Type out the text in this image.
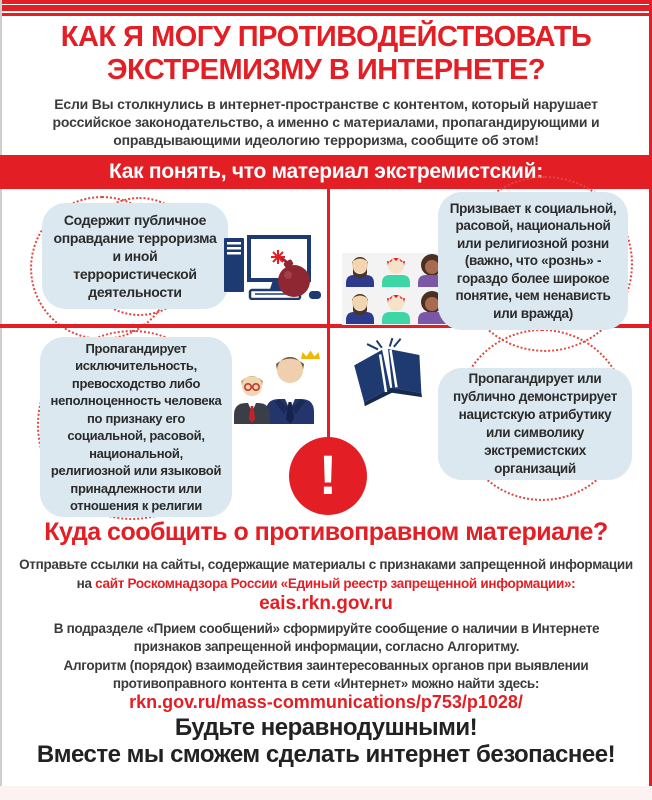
КАК Я МОГУ ПРОТИВОДЕЙСТВОВАТЬ
ЭКСТРЕМИЗМУ В ИНТЕРНЕТЕ?
Если Вы столкнулись в интернет-пространстве с контентом, который нарушает российское законодательство, а именно с материалами, пропагандирующими и оправдывающими идеологию терроризма, сообщите об этом!
Как понять, что материал экстремистский:
Содержит публичное оправдание терроризма и иной террористической деятельности
Призывает к социальной, расовой, национальной или религиозной розни (важно, что «рознь» - гораздо более широкое понятие, чем ненависть или вражда)
Пропагандирует исключительность, превосходство либо неполноценность человека по признаку его социальной, расовой, национальной, религиозной или языковой принадлежности или отношения к религии
Пропагандирует или публично демонстрирует нацистскую атрибутику или символику экстремистских организаций
!
Куда сообщить о противоправном материале?
Отправьте ссылки на сайты, содержащие материалы с признаками запрещенной информации
на сайт Роскомнадзора России «Единый реестр запрещенной информации»:
eais.rkn.gov.ru
В подразделе «Прием сообщений» сформируйте сообщение о наличии в Интернете признаков запрещенной информации, согласно Алгоритму.
Алгоритм (порядок) взаимодействия заинтересованных органов при выявлении противоправного контента в сети «Интернет» можно найти здесь:
rkn.gov.ru/mass-communications/p753/p1028/
Будьте неравнодушными!
Вместе мы сможем сделать интернет безопаснее!
